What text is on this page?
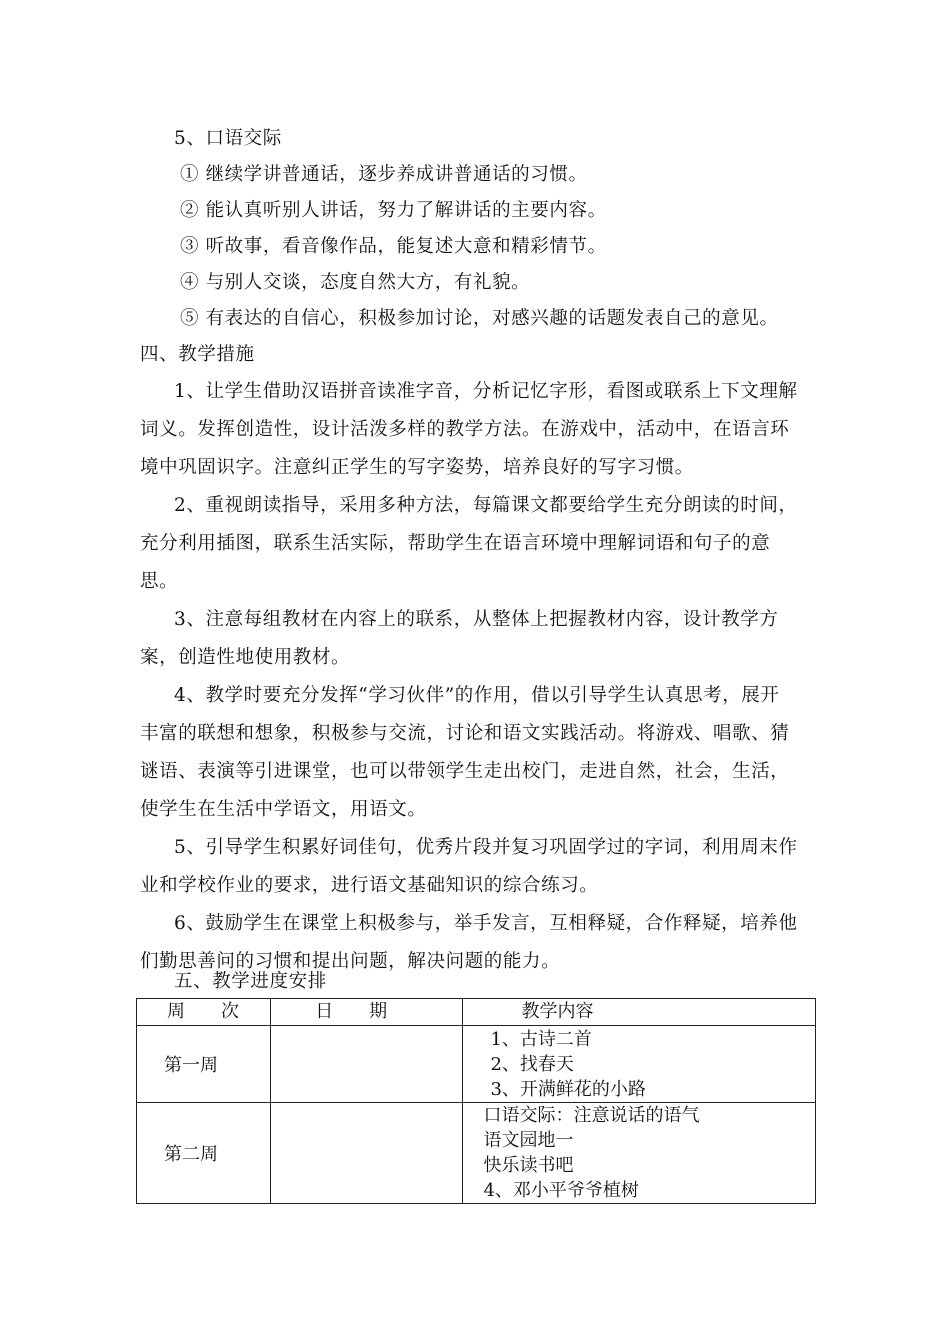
5、口语交际
① 继续学讲普通话，逐步养成讲普通话的习惯。
② 能认真听别人讲话，努力了解讲话的主要内容。
③ 听故事，看音像作品，能复述大意和精彩情节。
④ 与别人交谈，态度自然大方，有礼貌。
⑤ 有表达的自信心，积极参加讨论，对感兴趣的话题发表自己的意见。
四、教学措施
1、让学生借助汉语拼音读准字音，分析记忆字形，看图或联系上下文理解
词义。发挥创造性，设计活泼多样的教学方法。在游戏中，活动中，在语言环
境中巩固识字。注意纠正学生的写字姿势，培养良好的写字习惯。
2、重视朗读指导，采用多种方法，每篇课文都要给学生充分朗读的时间，
充分利用插图，联系生活实际，帮助学生在语言环境中理解词语和句子的意
思。
3、注意每组教材在内容上的联系，从整体上把握教材内容，设计教学方
案，创造性地使用教材。
4、教学时要充分发挥“学习伙伴”的作用，借以引导学生认真思考，展开
丰富的联想和想象，积极参与交流，讨论和语文实践活动。将游戏、唱歌、猜
谜语、表演等引进课堂，也可以带领学生走出校门，走进自然，社会，生活，
使学生在生活中学语文，用语文。
5、引导学生积累好词佳句，优秀片段并复习巩固学过的字词，利用周末作
业和学校作业的要求，进行语文基础知识的综合练习。
6、鼓励学生在课堂上积极参与，举手发言，互相释疑，合作释疑，培养他
们勤思善问的习惯和提出问题，解决问题的能力。
五、教学进度安排
周　　次	日　　期	教学内容
第一周		1、古诗二首
2、找春天
3、开满鲜花的小路

第二周		口语交际：注意说话的语气
语文园地一
快乐读书吧
4、邓小平爷爷植树
